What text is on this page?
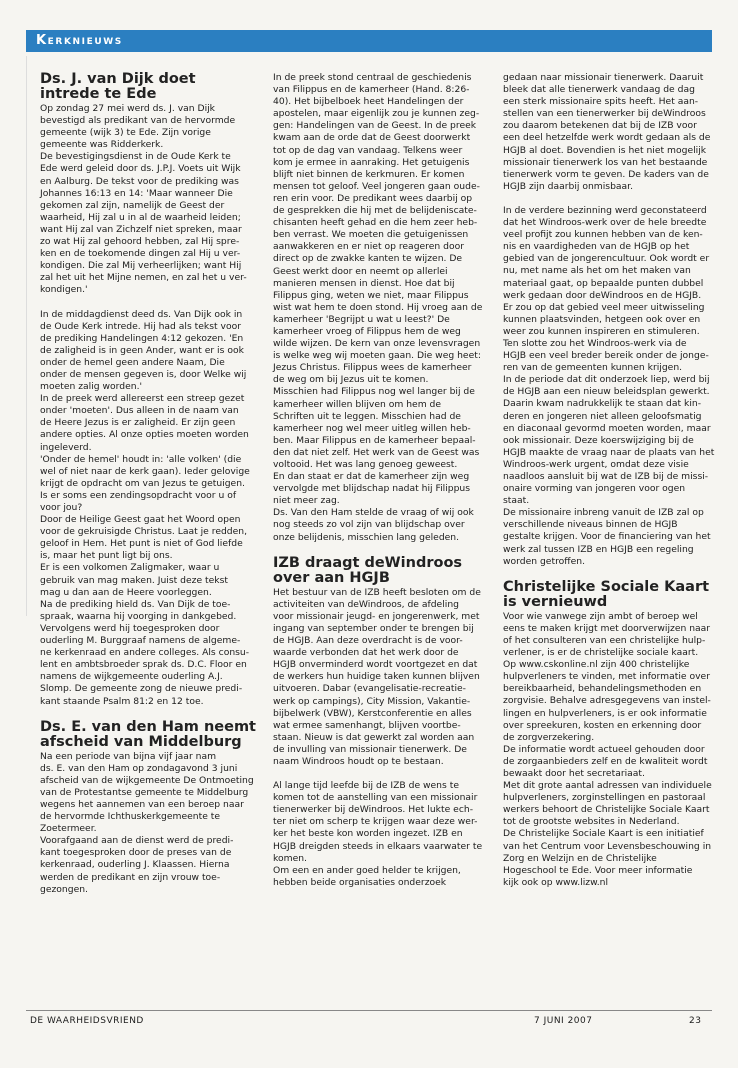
Kerknieuws
Ds. J. van Dijk doet intrede te Ede

Op zondag 27 mei werd ds. J. van Dijk
bevestigd als predikant van de hervormde
gemeente (wijk 3) te Ede. Zijn vorige
gemeente was Ridderkerk.
De bevestigingsdienst in de Oude Kerk te
Ede werd geleid door ds. J.P.J. Voets uit Wijk
en Aalburg. De tekst voor de prediking was
Johannes 16:13 en 14: 'Maar wanneer Die
gekomen zal zijn, namelijk de Geest der
waarheid, Hij zal u in al de waarheid leiden;
want Hij zal van Zichzelf niet spreken, maar
zo wat Hij zal gehoord hebben, zal Hij spre-
ken en de toekomende dingen zal Hij u ver-
kondigen. Die zal Mij verheerlijken; want Hij
zal het uit het Mijne nemen, en zal het u ver-
kondigen.'

In de middagdienst deed ds. Van Dijk ook in
de Oude Kerk intrede. Hij had als tekst voor
de prediking Handelingen 4:12 gekozen. 'En
de zaligheid is in geen Ander, want er is ook
onder de hemel geen andere Naam, Die
onder de mensen gegeven is, door Welke wij
moeten zalig worden.'
In de preek werd allereerst een streep gezet
onder 'moeten'. Dus alleen in de naam van
de Heere Jezus is er zaligheid. Er zijn geen
andere opties. Al onze opties moeten worden
ingeleverd.
'Onder de hemel' houdt in: 'alle volken' (die
wel of niet naar de kerk gaan). Ieder gelovige
krijgt de opdracht om van Jezus te getuigen.
Is er soms een zendingsopdracht voor u of
voor jou?
Door de Heilige Geest gaat het Woord open
voor de gekruisigde Christus. Laat je redden,
geloof in Hem. Het punt is niet of God liefde
is, maar het punt ligt bij ons.
Er is een volkomen Zaligmaker, waar u
gebruik van mag maken. Juist deze tekst
mag u dan aan de Heere voorleggen.
Na de prediking hield ds. Van Dijk de toe-
spraak, waarna hij voorging in dankgebed.
Vervolgens werd hij toegesproken door
ouderling M. Burggraaf namens de algeme-
ne kerkenraad en andere colleges. Als consu-
lent en ambtsbroeder sprak ds. D.C. Floor en
namens de wijkgemeente ouderling A.J.
Slomp. De gemeente zong de nieuwe predi-
kant staande Psalm 81:2 en 12 toe.

Ds. E. van den Ham neemt afscheid van Middelburg

Na een periode van bijna vijf jaar nam
ds. E. van den Ham op zondagavond 3 juni
afscheid van de wijkgemeente De Ontmoeting
van de Protestantse gemeente te Middelburg
wegens het aannemen van een beroep naar
de hervormde Ichthuskerkgemeente te
Zoetermeer.
Voorafgaand aan de dienst werd de predi-
kant toegesproken door de preses van de
kerkenraad, ouderling J. Klaassen. Hierna
werden de predikant en zijn vrouw toe-
gezongen.

In de preek stond centraal de geschiedenis
van Filippus en de kamerheer (Hand. 8:26-
40). Het bijbelboek heet Handelingen der
apostelen, maar eigenlijk zou je kunnen zeg-
gen: Handelingen van de Geest. In de preek
kwam aan de orde dat de Geest doorwerkt
tot op de dag van vandaag. Telkens weer
kom je ermee in aanraking. Het getuigenis
blijft niet binnen de kerkmuren. Er komen
mensen tot geloof. Veel jongeren gaan oude-
ren erin voor. De predikant wees daarbij op
de gesprekken die hij met de belijdeniscate-
chisanten heeft gehad en die hem zeer heb-
ben verrast. We moeten die getuigenissen
aanwakkeren en er niet op reageren door
direct op de zwakke kanten te wijzen. De
Geest werkt door en neemt op allerlei
manieren mensen in dienst. Hoe dat bij
Filippus ging, weten we niet, maar Filippus
wist wat hem te doen stond. Hij vroeg aan de
kamerheer 'Begrijpt u wat u leest?' De
kamerheer vroeg of Filippus hem de weg
wilde wijzen. De kern van onze levensvragen
is welke weg wij moeten gaan. Die weg heet:
Jezus Christus. Filippus wees de kamerheer
de weg om bij Jezus uit te komen.
Misschien had Filippus nog wel langer bij de
kamerheer willen blijven om hem de
Schriften uit te leggen. Misschien had de
kamerheer nog wel meer uitleg willen heb-
ben. Maar Filippus en de kamerheer bepaal-
den dat niet zelf. Het werk van de Geest was
voltooid. Het was lang genoeg geweest.
En dan staat er dat de kamerheer zijn weg
vervolgde met blijdschap nadat hij Filippus
niet meer zag.
Ds. Van den Ham stelde de vraag of wij ook
nog steeds zo vol zijn van blijdschap over
onze belijdenis, misschien lang geleden.

IZB draagt deWindroos over aan HGJB

Het bestuur van de IZB heeft besloten om de
activiteiten van deWindroos, de afdeling
voor missionair jeugd- en jongerenwerk, met
ingang van september onder te brengen bij
de HGJB. Aan deze overdracht is de voor-
waarde verbonden dat het werk door de
HGJB onverminderd wordt voortgezet en dat
de werkers hun huidige taken kunnen blijven
uitvoeren. Dabar (evangelisatie-recreatie-
werk op campings), City Mission, Vakantie-
bijbelwerk (VBW), Kerstconferentie en alles
wat ermee samenhangt, blijven voortbe-
staan. Nieuw is dat gewerkt zal worden aan
de invulling van missionair tienerwerk. De
naam Windroos houdt op te bestaan.

Al lange tijd leefde bij de IZB de wens te
komen tot de aanstelling van een missionair
tienerwerker bij deWindroos. Het lukte ech-
ter niet om scherp te krijgen waar deze wer-
ker het beste kon worden ingezet. IZB en
HGJB dreigden steeds in elkaars vaarwater te
komen.
Om een en ander goed helder te krijgen,
hebben beide organisaties onderzoek

gedaan naar missionair tienerwerk. Daaruit
bleek dat alle tienerwerk vandaag de dag
een sterk missionaire spits heeft. Het aan-
stellen van een tienerwerker bij deWindroos
zou daarom betekenen dat bij de IZB voor
een deel hetzelfde werk wordt gedaan als de
HGJB al doet. Bovendien is het niet mogelijk
missionair tienerwerk los van het bestaande
tienerwerk vorm te geven. De kaders van de
HGJB zijn daarbij onmisbaar.

In de verdere bezinning werd geconstateerd
dat het Windroos-werk over de hele breedte
veel profijt zou kunnen hebben van de ken-
nis en vaardigheden van de HGJB op het
gebied van de jongerencultuur. Ook wordt er
nu, met name als het om het maken van
materiaal gaat, op bepaalde punten dubbel
werk gedaan door deWindroos en de HGJB.
Er zou op dat gebied veel meer uitwisseling
kunnen plaatsvinden, hetgeen ook over en
weer zou kunnen inspireren en stimuleren.
Ten slotte zou het Windroos-werk via de
HGJB een veel breder bereik onder de jonge-
ren van de gemeenten kunnen krijgen.
In de periode dat dit onderzoek liep, werd bij
de HGJB aan een nieuw beleidsplan gewerkt.
Daarin kwam nadrukkelijk te staan dat kin-
deren en jongeren niet alleen geloofsmatig
en diaconaal gevormd moeten worden, maar
ook missionair. Deze koerswijziging bij de
HGJB maakte de vraag naar de plaats van het
Windroos-werk urgent, omdat deze visie
naadloos aansluit bij wat de IZB bij de missi-
onaire vorming van jongeren voor ogen
staat.
De missionaire inbreng vanuit de IZB zal op
verschillende niveaus binnen de HGJB
gestalte krijgen. Voor de financiering van het
werk zal tussen IZB en HGJB een regeling
worden getroffen.

Christelijke Sociale Kaart is vernieuwd

Voor wie vanwege zijn ambt of beroep wel
eens te maken krijgt met doorverwijzen naar
of het consulteren van een christelijke hulp-
verlener, is er de christelijke sociale kaart.
Op www.cskonline.nl zijn 400 christelijke
hulpverleners te vinden, met informatie over
bereikbaarheid, behandelingsmethoden en
zorgvisie. Behalve adresgegevens van instel-
lingen en hulpverleners, is er ook informatie
over spreekuren, kosten en erkenning door
de zorgverzekering.
De informatie wordt actueel gehouden door
de zorgaanbieders zelf en de kwaliteit wordt
bewaakt door het secretariaat.
Met dit grote aantal adressen van individuele
hulpverleners, zorginstellingen en pastoraal
werkers behoort de Christelijke Sociale Kaart
tot de grootste websites in Nederland.
De Christelijke Sociale Kaart is een initiatief
van het Centrum voor Levensbeschouwing in
Zorg en Welzijn en de Christelijke
Hogeschool te Ede. Voor meer informatie
kijk ook op www.lizw.nl

DE WAARHEIDSVRIEND	7 JUNI 2007	23
